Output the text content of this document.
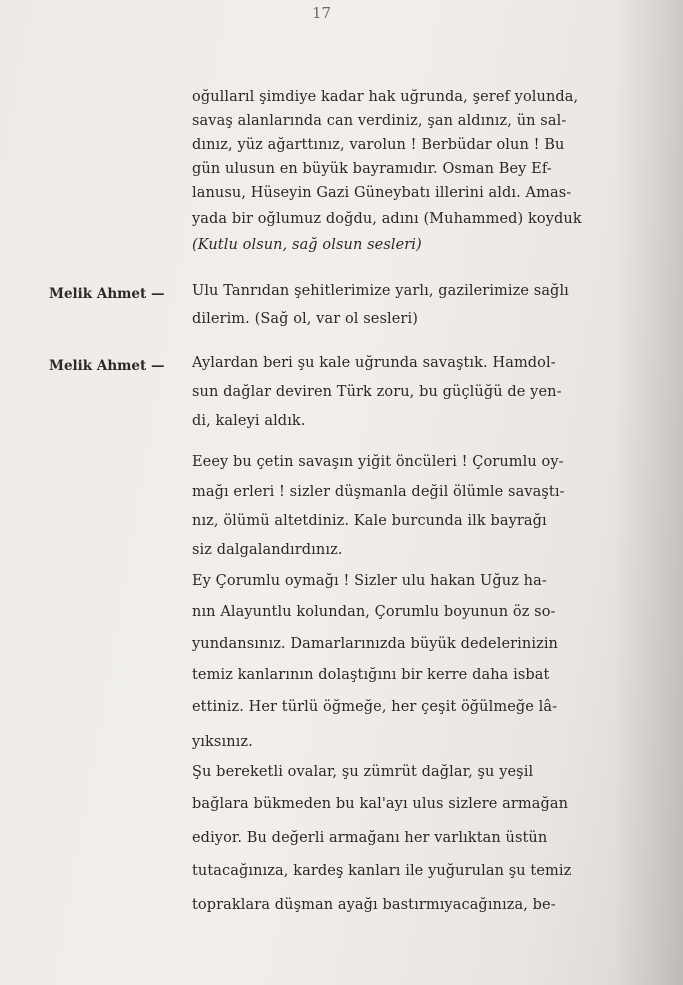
17
oğullarıl şimdiye kadar hak uğrunda, şeref yolunda,
savaş alanlarında can verdiniz, şan aldınız, ün sal-
dınız, yüz ağarttınız, varolun ! Berbüdar olun ! Bu
gün ulusun en büyük bayramıdır. Osman Bey Ef-
lanusu, Hüseyin Gazi Güneybatı illerini aldı. Amas-
yada bir oğlumuz doğdu, adını (Muhammed) koyduk
(Kutlu olsun, sağ olsun sesleri)
Melik Ahmet — Ulu Tanrıdan şehitlerimize yarlı, gazilerimize sağlı
dilerim. (Sağ ol, var ol sesleri)
Melik Ahmet — Aylardan beri şu kale uğrunda savaştık. Hamdol-
sun dağlar deviren Türk zoru, bu güçlüğü de yen-
di, kaleyi aldık.
Eeey bu çetin savaşın yiğit öncüleri ! Çorumlu oy-
mağı erleri ! sizler düşmanla değil ölümle savaştı-
nız, ölümü altetdiniz. Kale burcunda ilk bayrağı
siz dalgalandırdınız.
Ey Çorumlu oymağı ! Sizler ulu hakan Uğuz ha-
nın Alayuntlu kolundan, Çorumlu boyunun öz so-
yundansınız. Damarlarınızda büyük dedelerinizin
temiz kanlarının dolaştığını bir kerre daha isbat
ettiniz. Her türlü öğmeğe, her çeşit öğülmeğe lâ-
yıksınız.
Şu bereketli ovalar, şu zümrüt dağlar, şu yeşil
bağlara bükmeden bu kal'ayı ulus sizlere armağan
ediyor. Bu değerli armağanı her varlıktan üstün
tutacağınıza, kardeş kanları ile yuğurulan şu temiz
topraklara düşman ayağı bastırmıyacağınıza, be-
